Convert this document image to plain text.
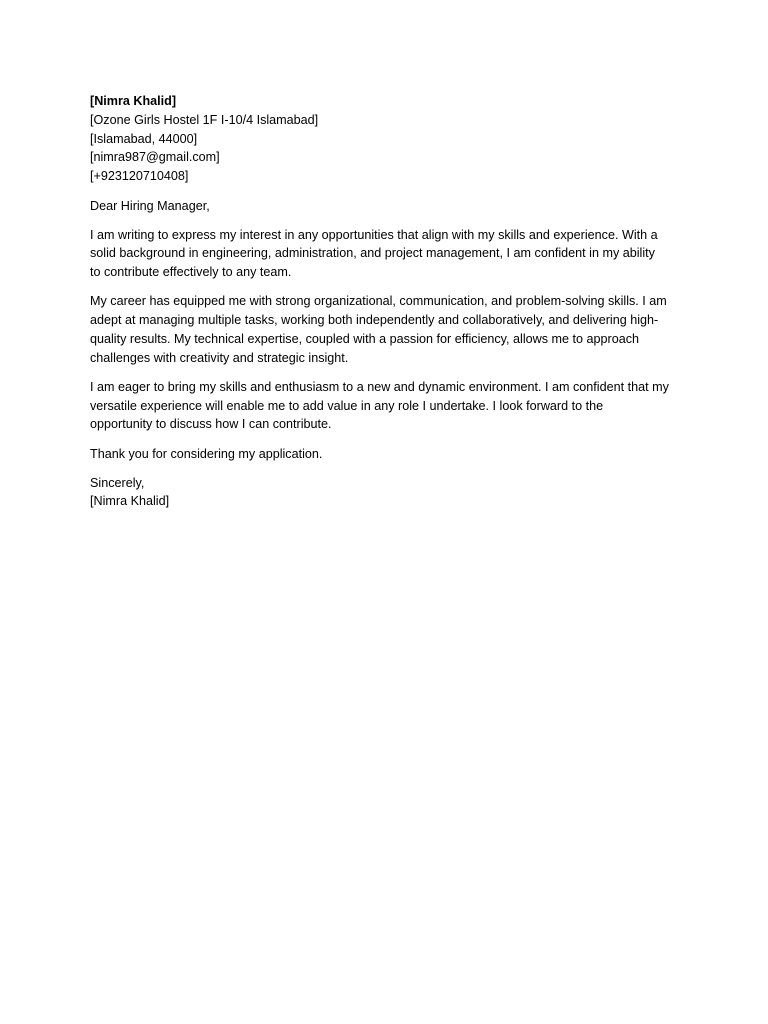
[Nimra Khalid]
[Ozone Girls Hostel 1F I-10/4 Islamabad]
[Islamabad, 44000]
[nimra987@gmail.com]
[+923120710408]

Dear Hiring Manager,

I am writing to express my interest in any opportunities that align with my skills and experience. With a
solid background in engineering, administration, and project management, I am confident in my ability
to contribute effectively to any team.

My career has equipped me with strong organizational, communication, and problem-solving skills. I am
adept at managing multiple tasks, working both independently and collaboratively, and delivering high-
quality results. My technical expertise, coupled with a passion for efficiency, allows me to approach
challenges with creativity and strategic insight.

I am eager to bring my skills and enthusiasm to a new and dynamic environment. I am confident that my
versatile experience will enable me to add value in any role I undertake. I look forward to the
opportunity to discuss how I can contribute.

Thank you for considering my application.

Sincerely,
[Nimra Khalid]
